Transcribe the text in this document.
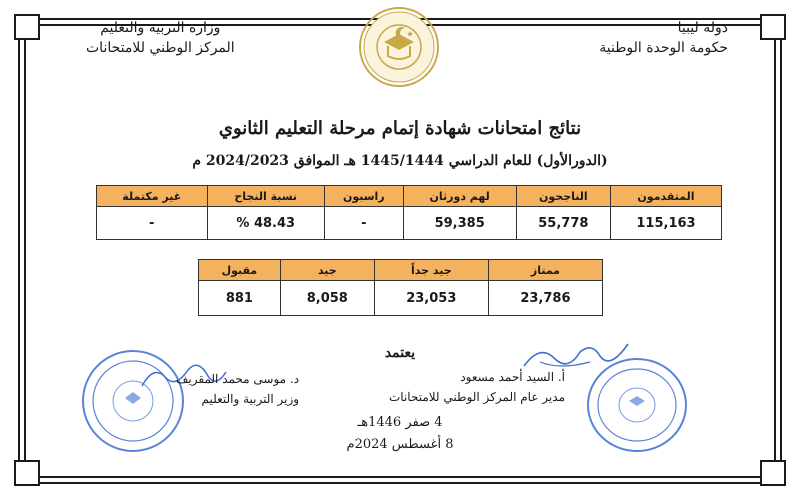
دولة ليبيا
حكومة الوحدة الوطنية
وزارة التربية والتعليم
المركز الوطني للامتحانات
نتائج امتحانات شهادة إتمام مرحلة التعليم الثانوي
(الدورالأول) للعام الدراسي 1445/1444 هـ الموافق 2024/2023 م
المتقدمون	الناجحون	لهم دورثان	راسبون	نسبة النجاح	غير مكتملة
115,163	55,778	59,385	-	48.43 %	-
ممتاز	جيد جداً	جيد	مقبول
23,786	23,053	8,058	881
يعتمد
أ. السيد أحمد مسعود
مدير عام المركز الوطني للامتحانات
د. موسى محمد المقريف
وزير التربية والتعليم
4 صفر 1446هـ
8 أغسطس 2024م
